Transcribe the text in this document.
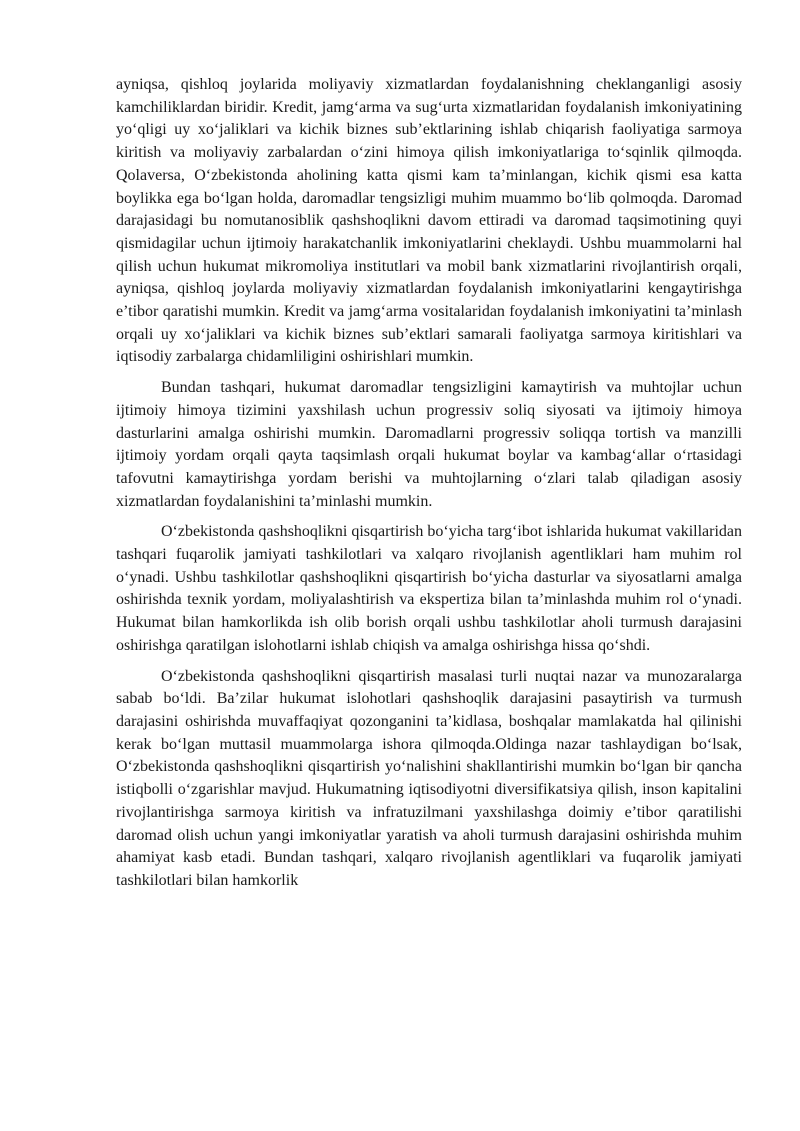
ayniqsa, qishloq joylarida moliyaviy xizmatlardan foydalanishning cheklanganligi asosiy kamchiliklardan biridir. Kredit, jamg‘arma va sug‘urta xizmatlaridan foydalanish imkoniyatining yo‘qligi uy xo‘jaliklari va kichik biznes sub’ektlarining ishlab chiqarish faoliyatiga sarmoya kiritish va moliyaviy zarbalardan o‘zini himoya qilish imkoniyatlariga to‘sqinlik qilmoqda. Qolaversa, O‘zbekistonda aholining katta qismi kam ta’minlangan, kichik qismi esa katta boylikka ega bo‘lgan holda, daromadlar tengsizligi muhim muammo bo‘lib qolmoqda. Daromad darajasidagi bu nomutanosiblik qashshoqlikni davom ettiradi va daromad taqsimotining quyi qismidagilar uchun ijtimoiy harakatchanlik imkoniyatlarini cheklaydi. Ushbu muammolarni hal qilish uchun hukumat mikromoliya institutlari va mobil bank xizmatlarini rivojlantirish orqali, ayniqsa, qishloq joylarda moliyaviy xizmatlardan foydalanish imkoniyatlarini kengaytirishga e’tibor qaratishi mumkin. Kredit va jamg‘arma vositalaridan foydalanish imkoniyatini ta’minlash orqali uy xo‘jaliklari va kichik biznes sub’ektlari samarali faoliyatga sarmoya kiritishlari va iqtisodiy zarbalarga chidamliligini oshirishlari mumkin.

Bundan tashqari, hukumat daromadlar tengsizligini kamaytirish va muhtojlar uchun ijtimoiy himoya tizimini yaxshilash uchun progressiv soliq siyosati va ijtimoiy himoya dasturlarini amalga oshirishi mumkin. Daromadlarni progressiv soliqqa tortish va manzilli ijtimoiy yordam orqali qayta taqsimlash orqali hukumat boylar va kambag‘allar o‘rtasidagi tafovutni kamaytirishga yordam berishi va muhtojlarning o‘zlari talab qiladigan asosiy xizmatlardan foydalanishini ta’minlashi mumkin.

O‘zbekistonda qashshoqlikni qisqartirish bo‘yicha targ‘ibot ishlarida hukumat vakillaridan tashqari fuqarolik jamiyati tashkilotlari va xalqaro rivojlanish agentliklari ham muhim rol o‘ynadi. Ushbu tashkilotlar qashshoqlikni qisqartirish bo‘yicha dasturlar va siyosatlarni amalga oshirishda texnik yordam, moliyalashtirish va ekspertiza bilan ta’minlashda muhim rol o‘ynadi. Hukumat bilan hamkorlikda ish olib borish orqali ushbu tashkilotlar aholi turmush darajasini oshirishga qaratilgan islohotlarni ishlab chiqish va amalga oshirishga hissa qo‘shdi.

O‘zbekistonda qashshoqlikni qisqartirish masalasi turli nuqtai nazar va munozaralarga sabab bo‘ldi. Ba’zilar hukumat islohotlari qashshoqlik darajasini pasaytirish va turmush darajasini oshirishda muvaffaqiyat qozonganini ta’kidlasa, boshqalar mamlakatda hal qilinishi kerak bo‘lgan muttasil muammolarga ishora qilmoqda.Oldinga nazar tashlaydigan bo‘lsak, O‘zbekistonda qashshoqlikni qisqartirish yo‘nalishini shakllantirishi mumkin bo‘lgan bir qancha istiqbolli o‘zgarishlar mavjud. Hukumatning iqtisodiyotni diversifikatsiya qilish, inson kapitalini rivojlantirishga sarmoya kiritish va infratuzilmani yaxshilashga doimiy e’tibor qaratilishi daromad olish uchun yangi imkoniyatlar yaratish va aholi turmush darajasini oshirishda muhim ahamiyat kasb etadi. Bundan tashqari, xalqaro rivojlanish agentliklari va fuqarolik jamiyati tashkilotlari bilan hamkorlik
